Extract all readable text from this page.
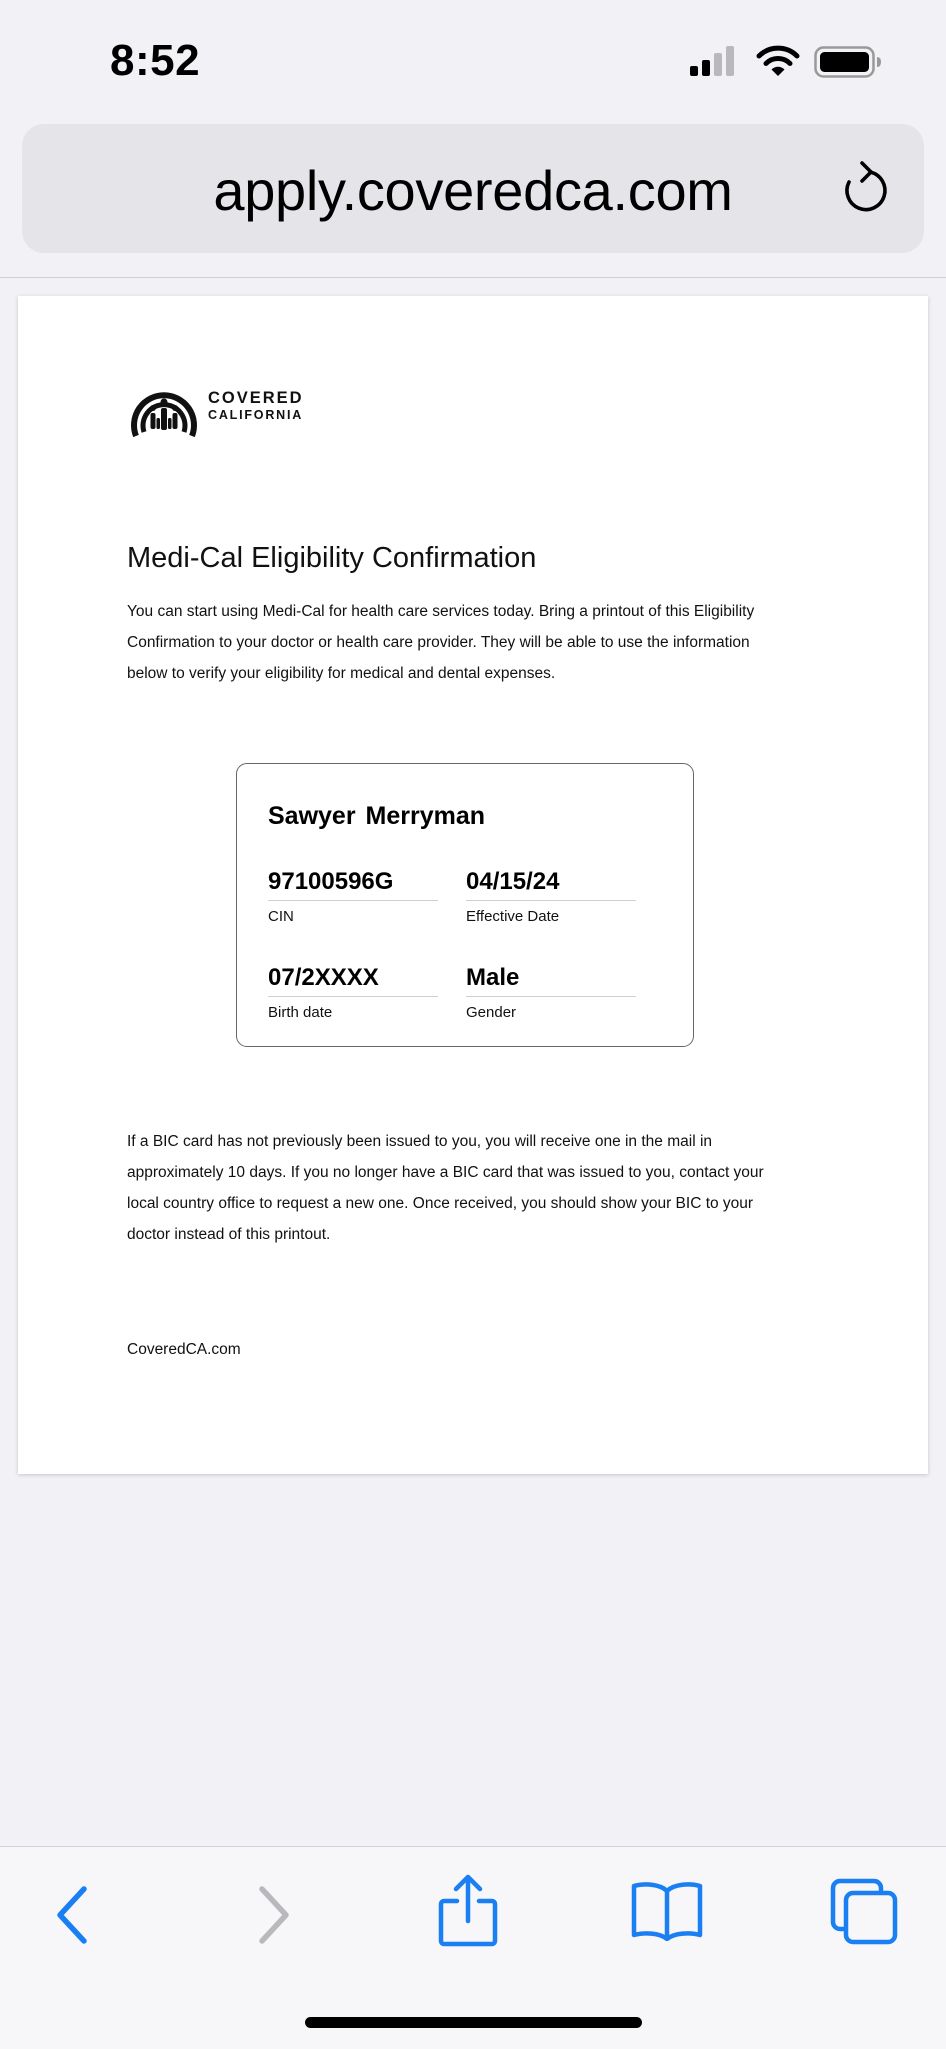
8:52
apply.coveredca.com
COVERED
CALIFORNIA
Medi-Cal Eligibility Confirmation
You can start using Medi-Cal for health care services today. Bring a printout of this Eligibility Confirmation to your doctor or health care provider. They will be able to use the information below to verify your eligibility for medical and dental expenses.
Sawyer Merryman
97100596G
CIN
04/15/24
Effective Date
07/2XXXX
Birth date
Male
Gender
If a BIC card has not previously been issued to you, you will receive one in the mail in approximately 10 days. If you no longer have a BIC card that was issued to you, contact your local country office to request a new one. Once received, you should show your BIC to your doctor instead of this printout.
CoveredCA.com
